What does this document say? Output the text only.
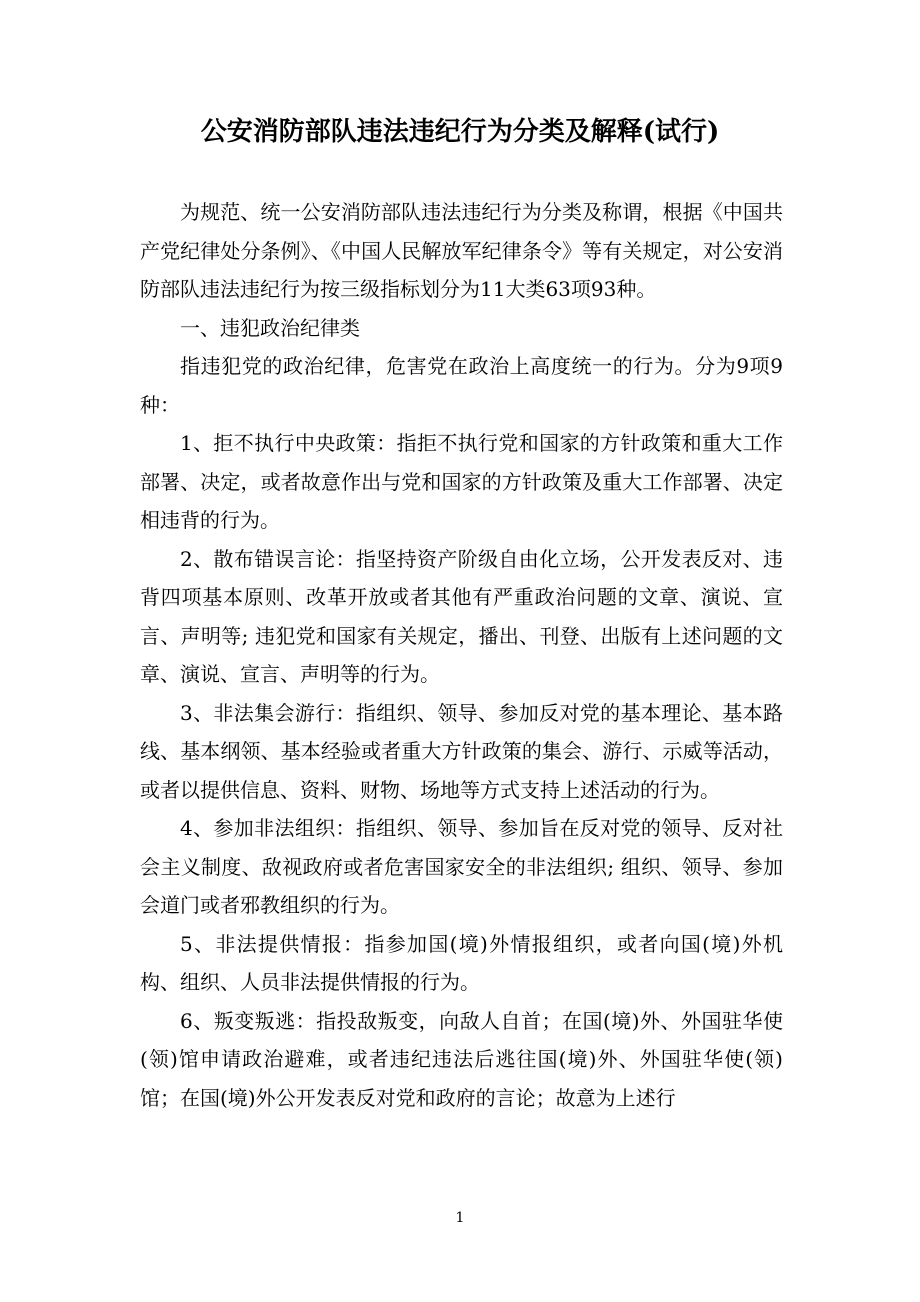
公安消防部队违法违纪行为分类及解释(试行)

为规范、统一公安消防部队违法违纪行为分类及称谓，根据《中国共产党纪律处分条例》、《中国人民解放军纪律条令》等有关规定，对公安消防部队违法违纪行为按三级指标划分为11大类63项93种。

一、违犯政治纪律类

指违犯党的政治纪律，危害党在政治上高度统一的行为。分为9项9种：

1、拒不执行中央政策：指拒不执行党和国家的方针政策和重大工作部署、决定，或者故意作出与党和国家的方针政策及重大工作部署、决定相违背的行为。

2、散布错误言论：指坚持资产阶级自由化立场，公开发表反对、违背四项基本原则、改革开放或者其他有严重政治问题的文章、演说、宣言、声明等; 违犯党和国家有关规定，播出、刊登、出版有上述问题的文章、演说、宣言、声明等的行为。

3、非法集会游行：指组织、领导、参加反对党的基本理论、基本路线、基本纲领、基本经验或者重大方针政策的集会、游行、示威等活动，或者以提供信息、资料、财物、场地等方式支持上述活动的行为。

4、参加非法组织：指组织、领导、参加旨在反对党的领导、反对社会主义制度、敌视政府或者危害国家安全的非法组织; 组织、领导、参加会道门或者邪教组织的行为。

5、非法提供情报：指参加国(境)外情报组织，或者向国(境)外机构、组织、人员非法提供情报的行为。

6、叛变叛逃：指投敌叛变，向敌人自首；在国(境)外、外国驻华使(领)馆申请政治避难，或者违纪违法后逃往国(境)外、外国驻华使(领)馆；在国(境)外公开发表反对党和政府的言论；故意为上述行

1
